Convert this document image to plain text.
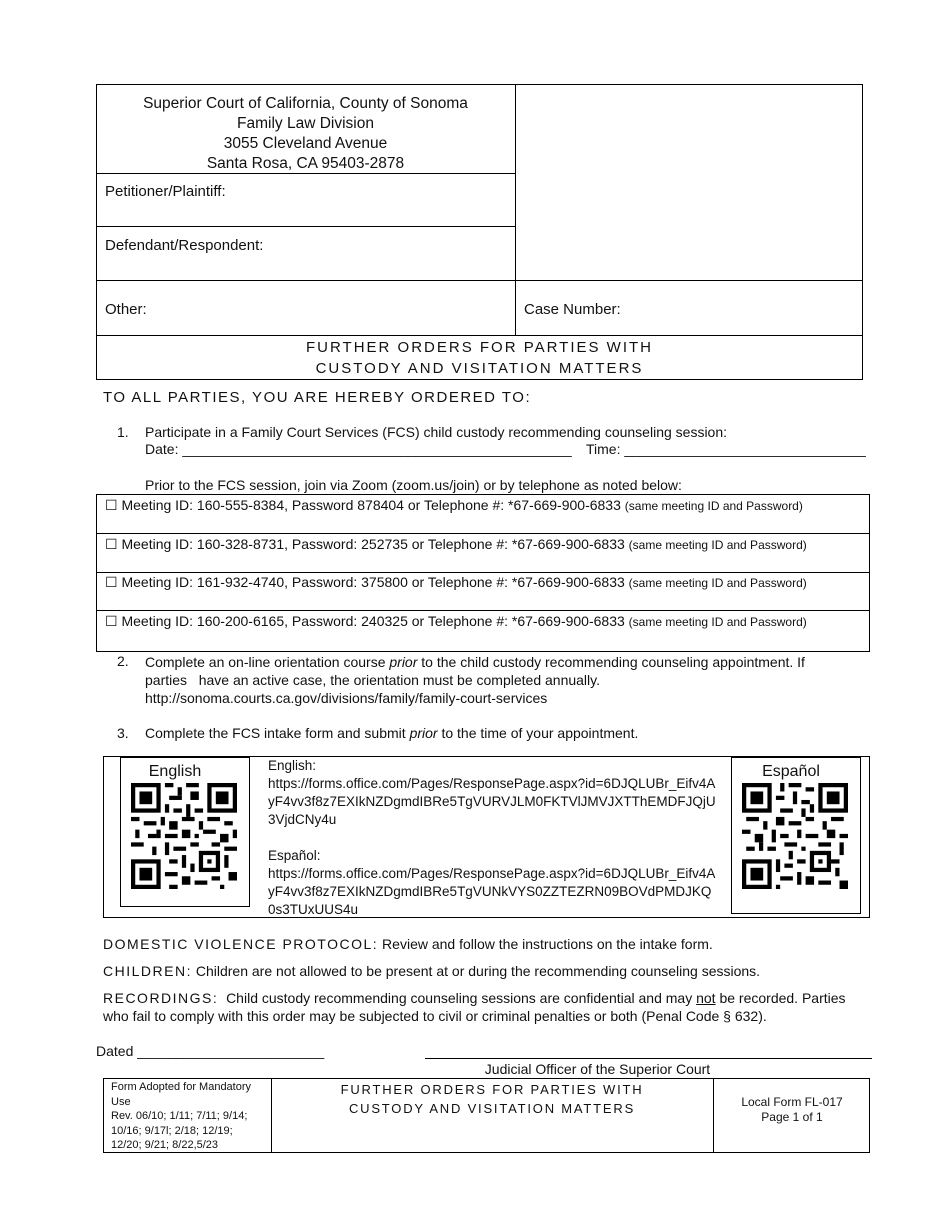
Superior Court of California, County of Sonoma
Family Law Division
3055 Cleveland Avenue
Santa Rosa, CA 95403-2878
Petitioner/Plaintiff:
Defendant/Respondent:
Other:	Case Number:
FURTHER ORDERS FOR PARTIES WITH
CUSTODY AND VISITATION MATTERS
TO ALL PARTIES, YOU ARE HEREBY ORDERED TO:
1. Participate in a Family Court Services (FCS) child custody recommending counseling session:
Date: __________________________________________________ Time: _______________________________
Prior to the FCS session, join via Zoom (zoom.us/join) or by telephone as noted below:
☐ Meeting ID: 160-555-8384, Password 878404 or Telephone #: *67-669-900-6833 (same meeting ID and Password)
☐ Meeting ID: 160-328-8731, Password: 252735 or Telephone #: *67-669-900-6833 (same meeting ID and Password)
☐ Meeting ID: 161-932-4740, Password: 375800 or Telephone #: *67-669-900-6833 (same meeting ID and Password)
☐ Meeting ID: 160-200-6165, Password: 240325 or Telephone #: *67-669-900-6833 (same meeting ID and Password)
2. Complete an on-line orientation course prior to the child custody recommending counseling appointment. If
parties   have an active case, the orientation must be completed annually.
http://sonoma.courts.ca.gov/divisions/family/family-court-services
3. Complete the FCS intake form and submit prior to the time of your appointment.
English	English:
https://forms.office.com/Pages/ResponsePage.aspx?id=6DJQLUBr_Eifv4AyF4vv3f8z7EXIkNZDgmdIBRe5TgVURVJLM0FKTVlJMVJXTThEMDFJQjU3VjdCNy4u
Español:
https://forms.office.com/Pages/ResponsePage.aspx?id=6DJQLUBr_Eifv4AyF4vv3f8z7EXIkNZDgmdIBRe5TgVUNkVYS0ZZTEZRN09BOVdPMDJKQ0s3TUxUUS4u
Español
DOMESTIC VIOLENCE PROTOCOL: Review and follow the instructions on the intake form.
CHILDREN: Children are not allowed to be present at or during the recommending counseling sessions.
RECORDINGS:  Child custody recommending counseling sessions are confidential and may not be recorded. Parties
who fail to comply with this order may be subjected to civil or criminal penalties or both (Penal Code § 632).
Dated ________________________
Judicial Officer of the Superior Court
Form Adopted for Mandatory
Use
Rev. 06/10; 1/11; 7/11; 9/14;
10/16; 9/17l; 2/18; 12/19;
12/20; 9/21; 8/22,5/23
FURTHER ORDERS FOR PARTIES WITH
CUSTODY AND VISITATION MATTERS	Local Form FL-017
Page 1 of 1
